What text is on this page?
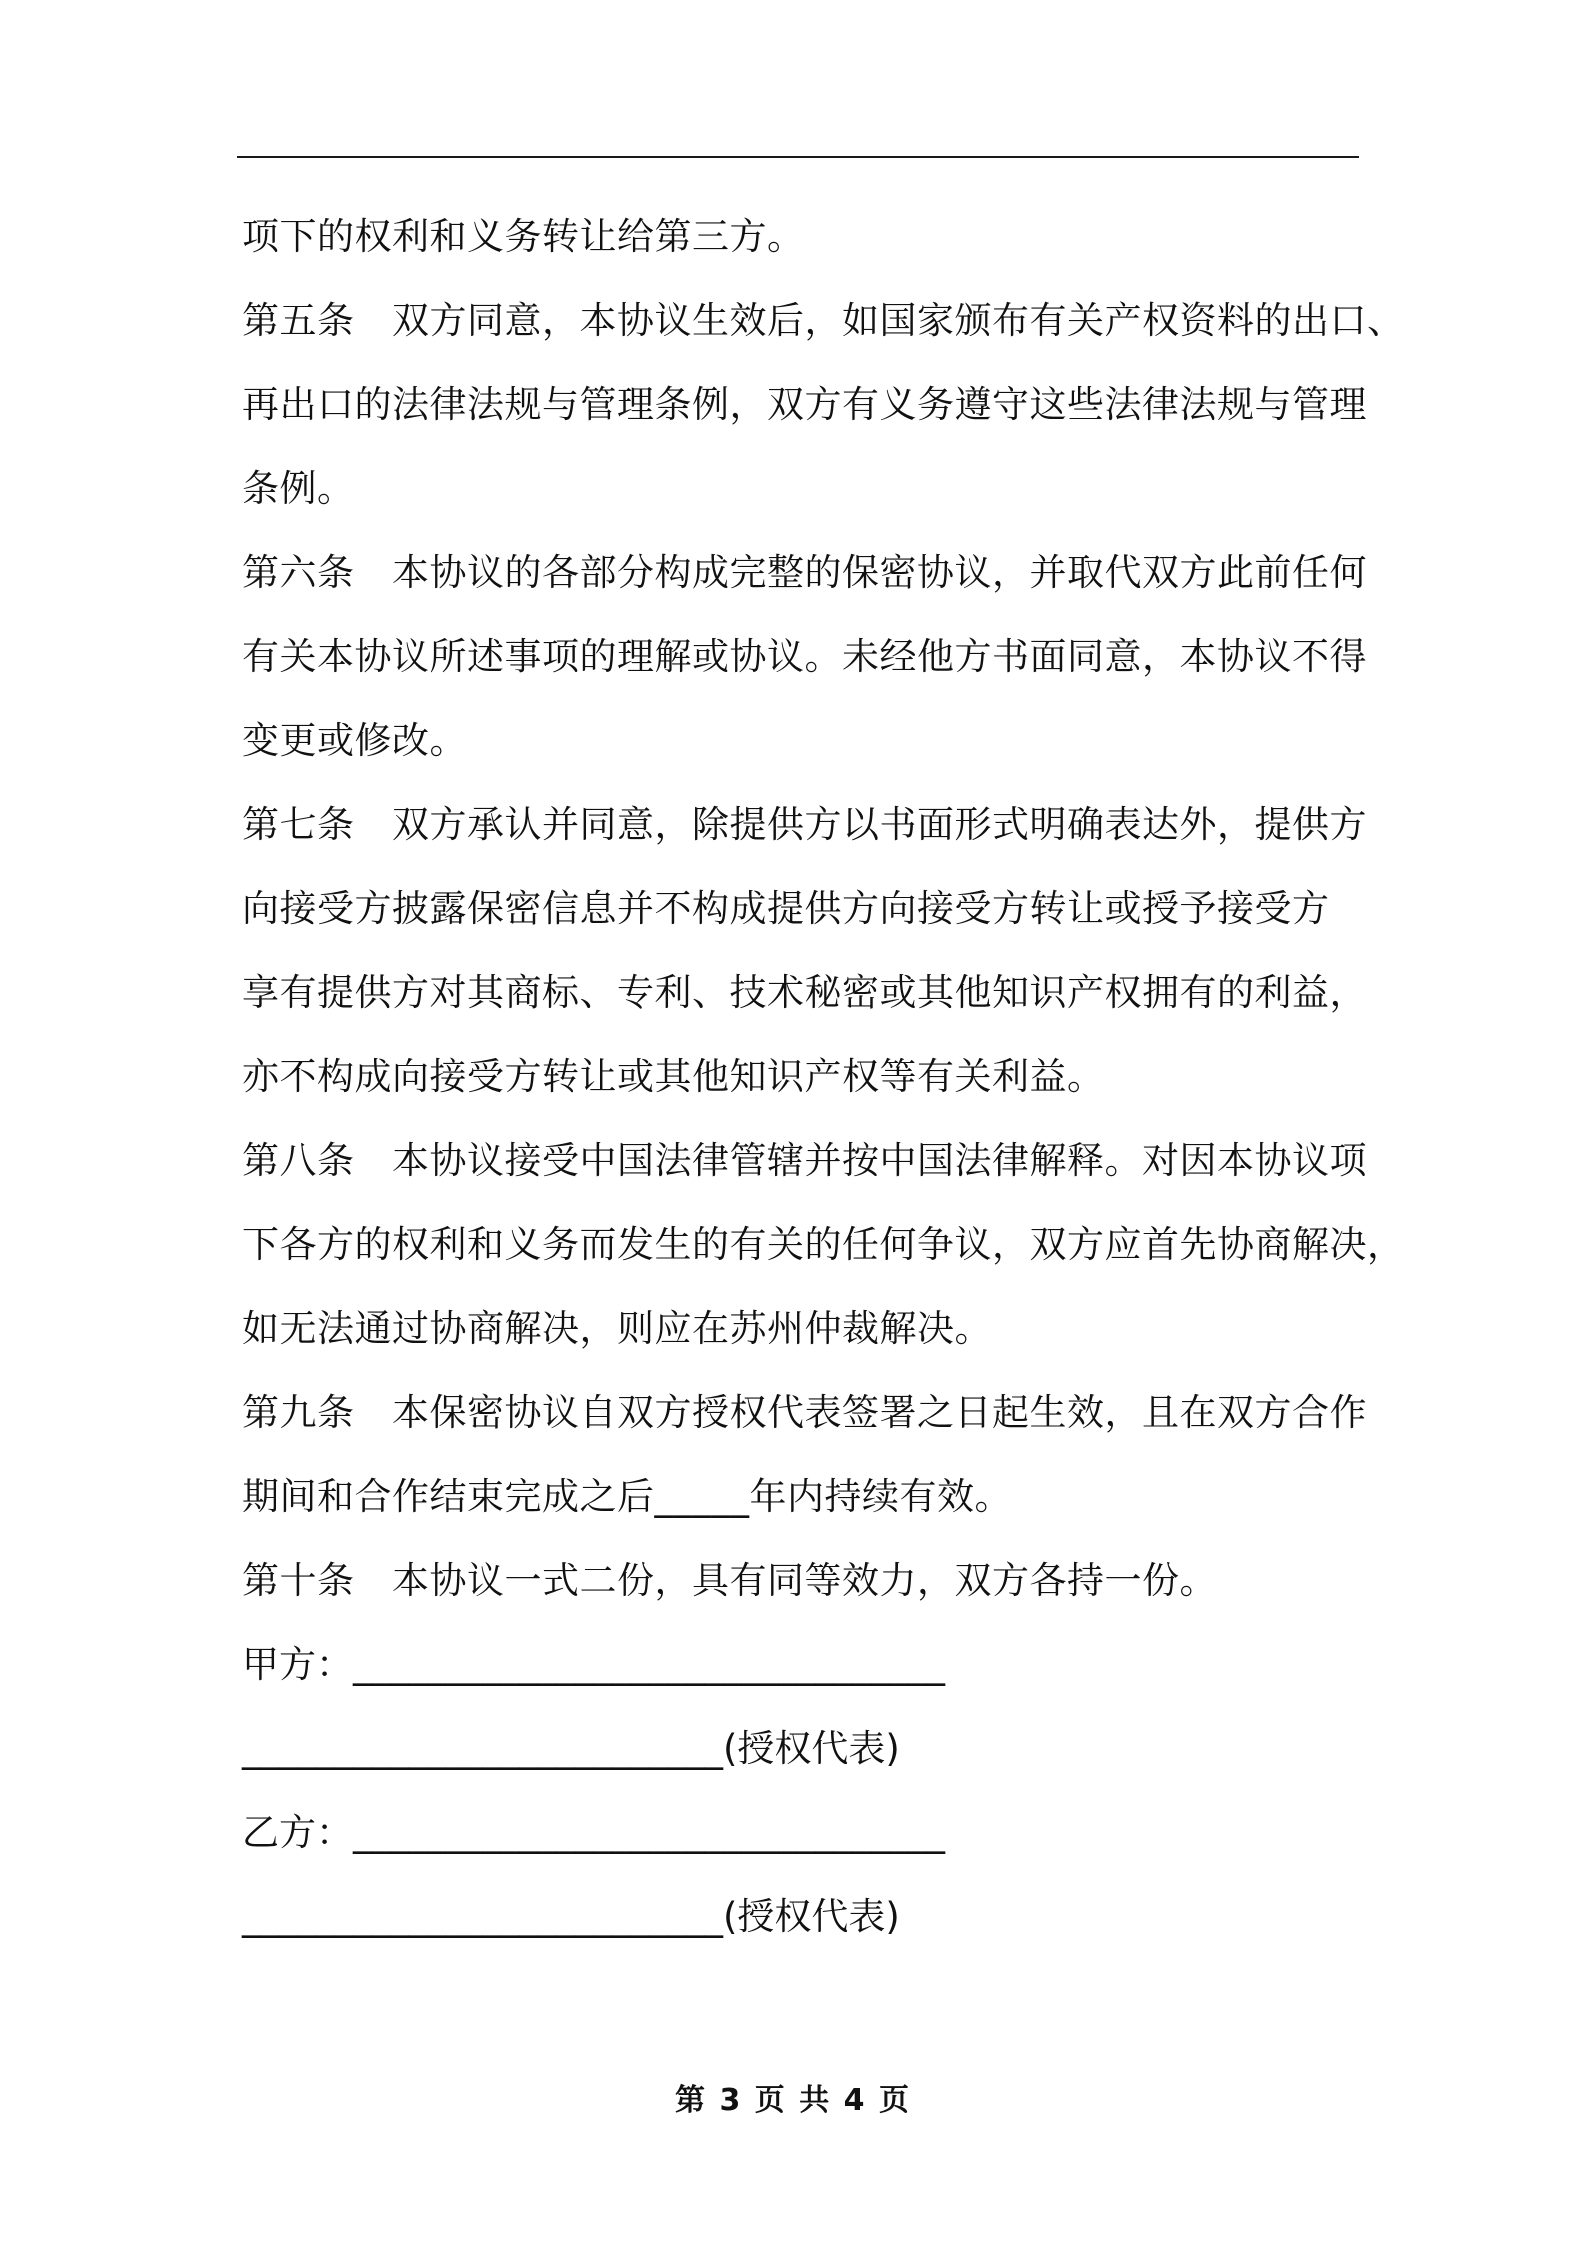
项下的权利和义务转让给第三方。
第五条　双方同意，本协议生效后，如国家颁布有关产权资料的出口、
再出口的法律法规与管理条例，双方有义务遵守这些法律法规与管理
条例。
第六条　本协议的各部分构成完整的保密协议，并取代双方此前任何
有关本协议所述事项的理解或协议。未经他方书面同意，本协议不得
变更或修改。
第七条　双方承认并同意，除提供方以书面形式明确表达外，提供方
向接受方披露保密信息并不构成提供方向接受方转让或授予接受方
享有提供方对其商标、专利、技术秘密或其他知识产权拥有的利益，
亦不构成向接受方转让或其他知识产权等有关利益。
第八条　本协议接受中国法律管辖并按中国法律解释。对因本协议项
下各方的权利和义务而发生的有关的任何争议，双方应首先协商解决，
如无法通过协商解决，则应在苏州仲裁解决。
第九条　本保密协议自双方授权代表签署之日起生效，且在双方合作
期间和合作结束完成之后_____年内持续有效。
第十条　本协议一式二份，具有同等效力，双方各持一份。
甲方：________________________________
__________________________(授权代表)
乙方：________________________________
__________________________(授权代表)
第 3 页 共 4 页
